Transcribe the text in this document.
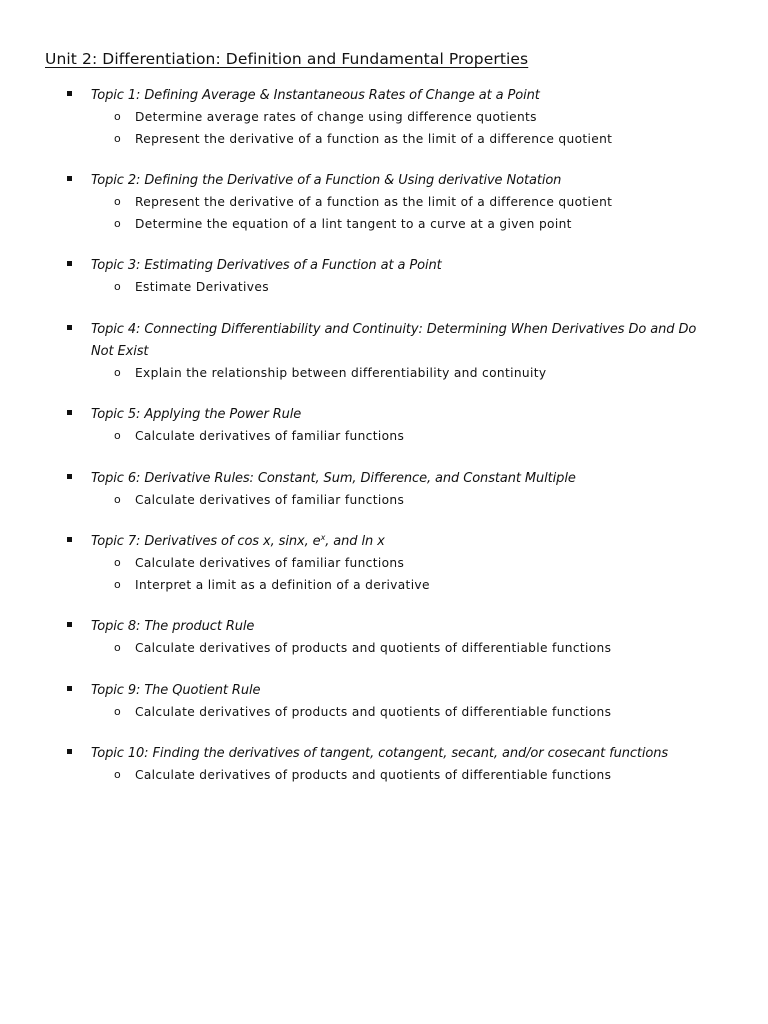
Unit 2: Differentiation: Definition and Fundamental Properties
Topic 1: Defining Average & Instantaneous Rates of Change at a Point
o Determine average rates of change using difference quotients
o Represent the derivative of a function as the limit of a difference quotient
Topic 2: Defining the Derivative of a Function & Using derivative Notation
o Represent the derivative of a function as the limit of a difference quotient
o Determine the equation of a lint tangent to a curve at a given point
Topic 3: Estimating Derivatives of a Function at a Point
o Estimate Derivatives
Topic 4: Connecting Differentiability and Continuity: Determining When Derivatives Do and Do Not Exist
o Explain the relationship between differentiability and continuity
Topic 5: Applying the Power Rule
o Calculate derivatives of familiar functions
Topic 6: Derivative Rules: Constant, Sum, Difference, and Constant Multiple
o Calculate derivatives of familiar functions
Topic 7: Derivatives of cos x, sinx, $e^x$, and ln x
o Calculate derivatives of familiar functions
o Interpret a limit as a definition of a derivative
Topic 8: The product Rule
o Calculate derivatives of products and quotients of differentiable functions
Topic 9: The Quotient Rule
o Calculate derivatives of products and quotients of differentiable functions
Topic 10: Finding the derivatives of tangent, cotangent, secant, and/or cosecant functions
o Calculate derivatives of products and quotients of differentiable functions
